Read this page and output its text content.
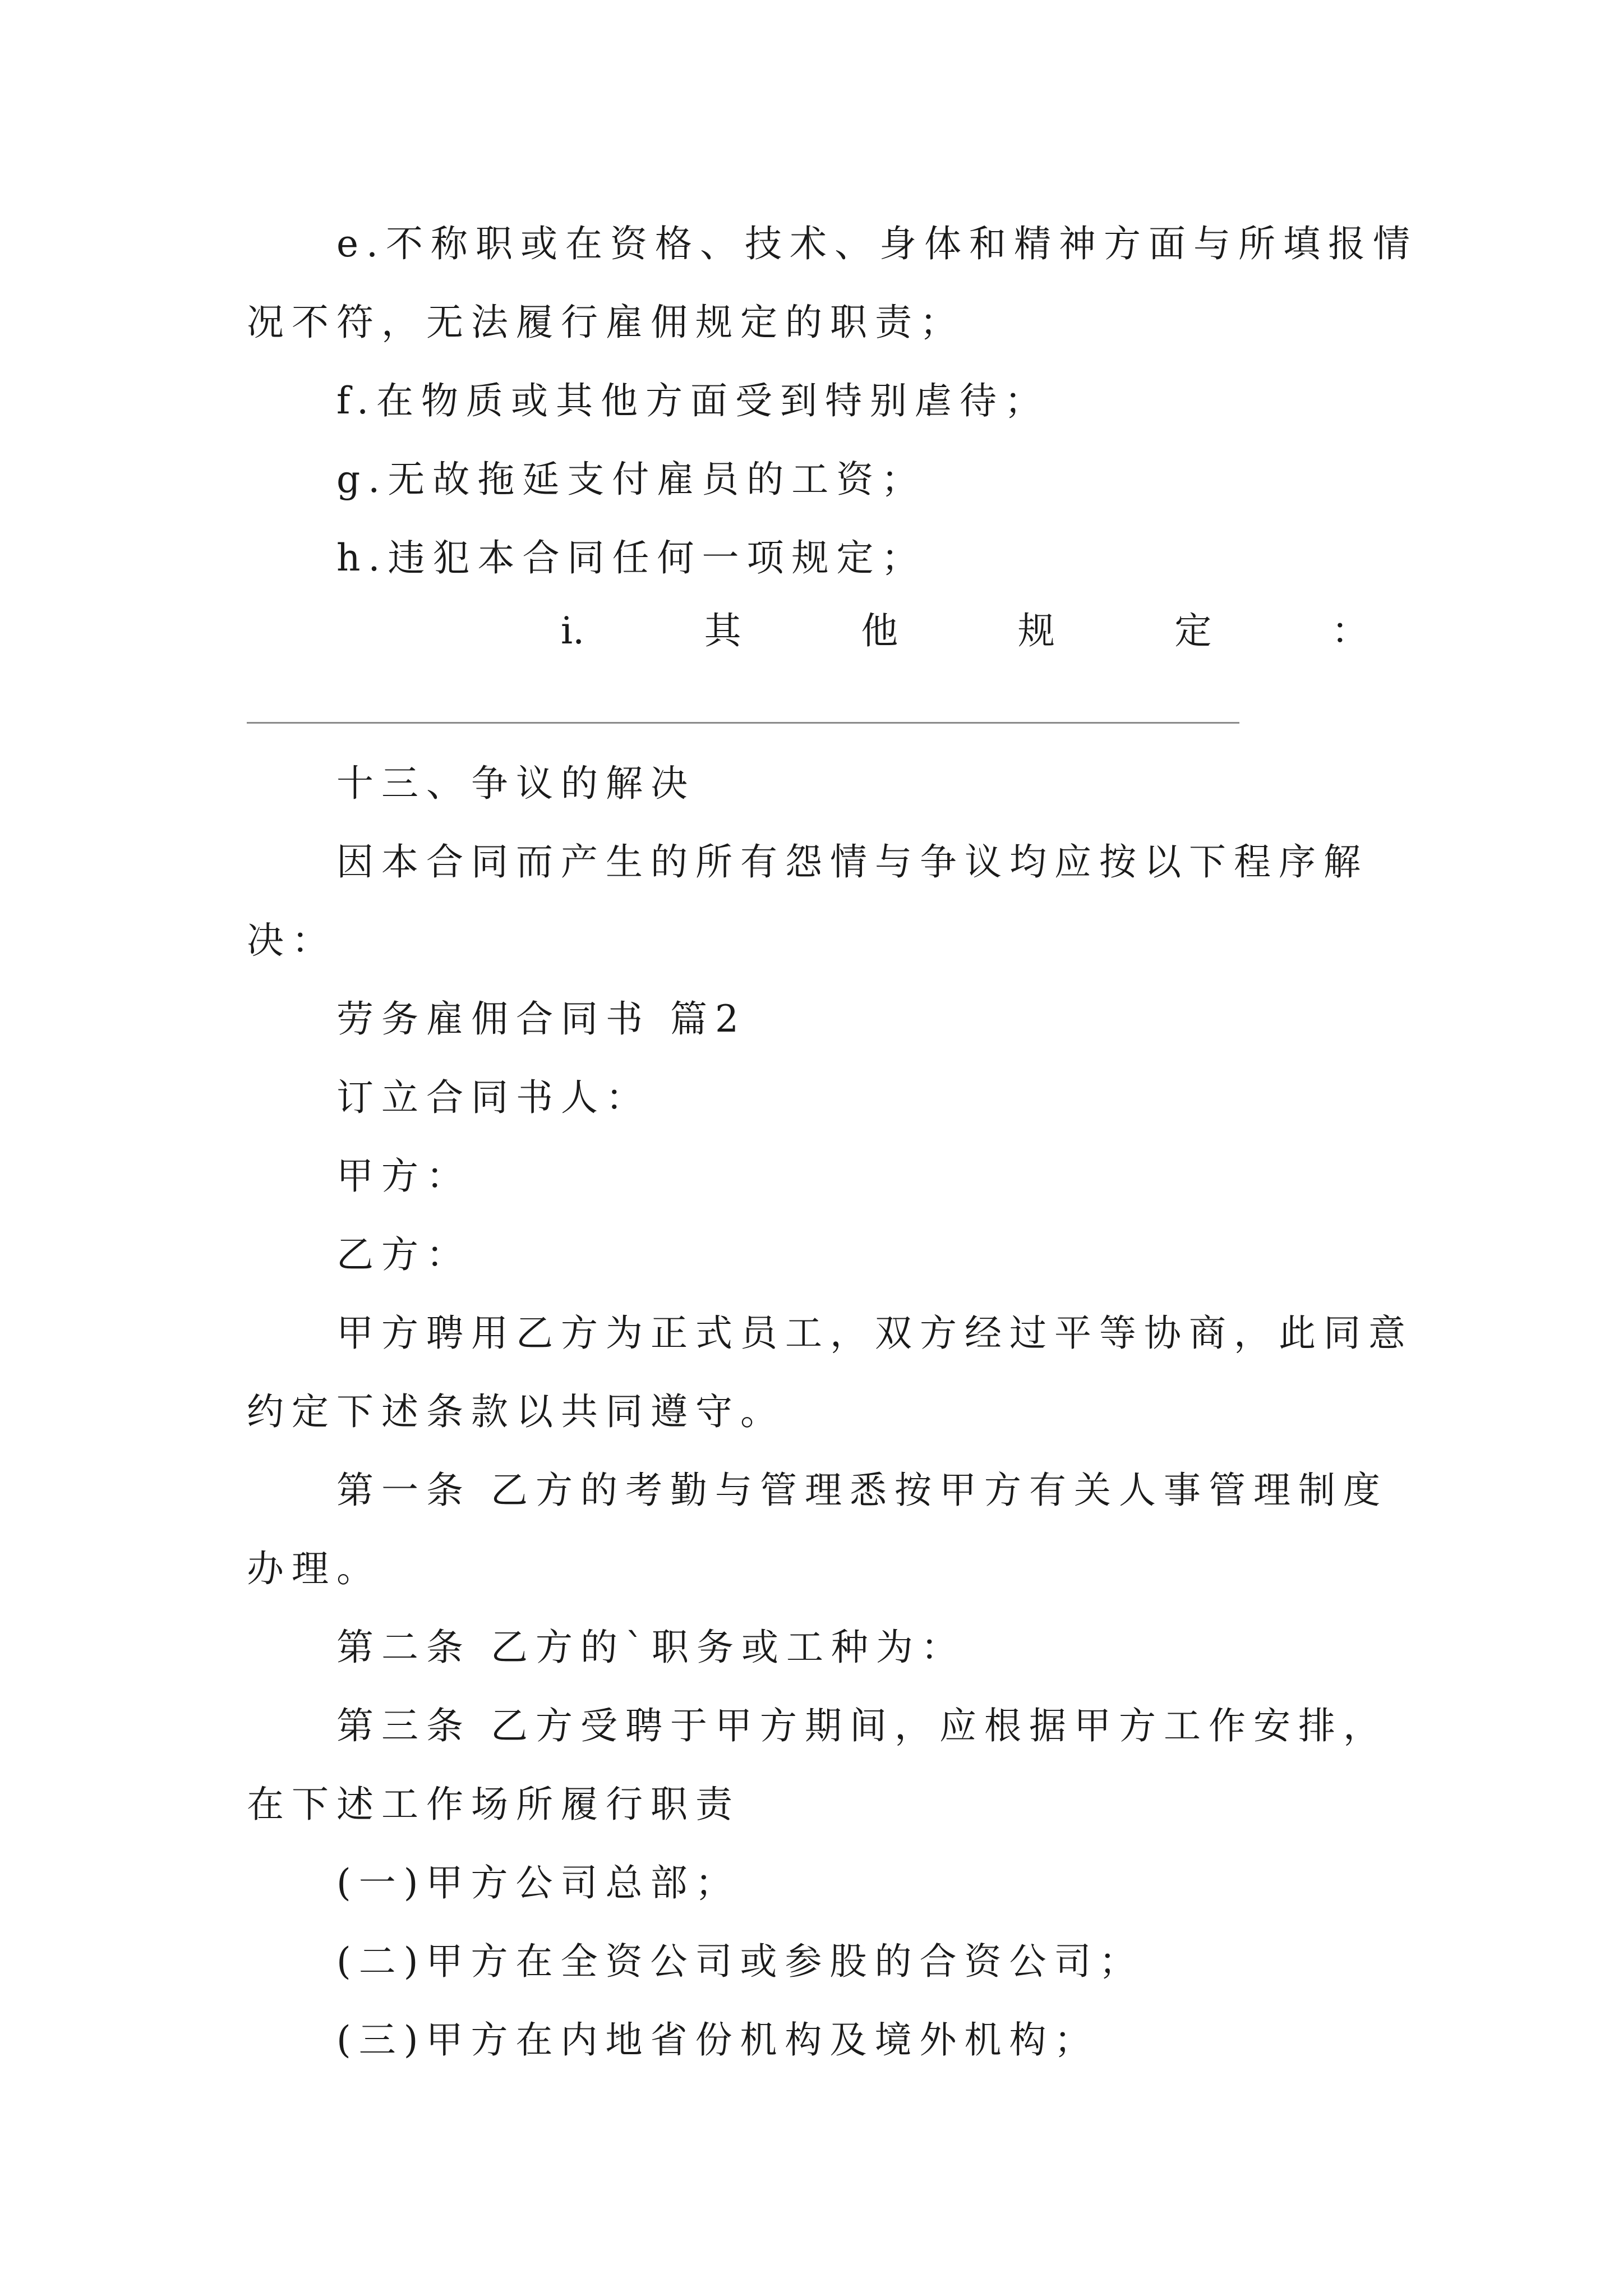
e.不称职或在资格、技术、身体和精神方面与所填报情
况不符，无法履行雇佣规定的职责；
f.在物质或其他方面受到特别虐待；
g.无故拖延支付雇员的工资；
h.违犯本合同任何一项规定；
i.	其	他	规	定	：
十三、争议的解决
因本合同而产生的所有怨情与争议均应按以下程序解
决：
劳务雇佣合同书 篇2
订立合同书人：
甲方：
乙方：
甲方聘用乙方为正式员工，双方经过平等协商，此同意
约定下述条款以共同遵守。
第一条 乙方的考勤与管理悉按甲方有关人事管理制度
办理。
第二条 乙方的`职务或工种为：
第三条 乙方受聘于甲方期间，应根据甲方工作安排，
在下述工作场所履行职责
(一)甲方公司总部；
(二)甲方在全资公司或参股的合资公司；
(三)甲方在内地省份机构及境外机构；
